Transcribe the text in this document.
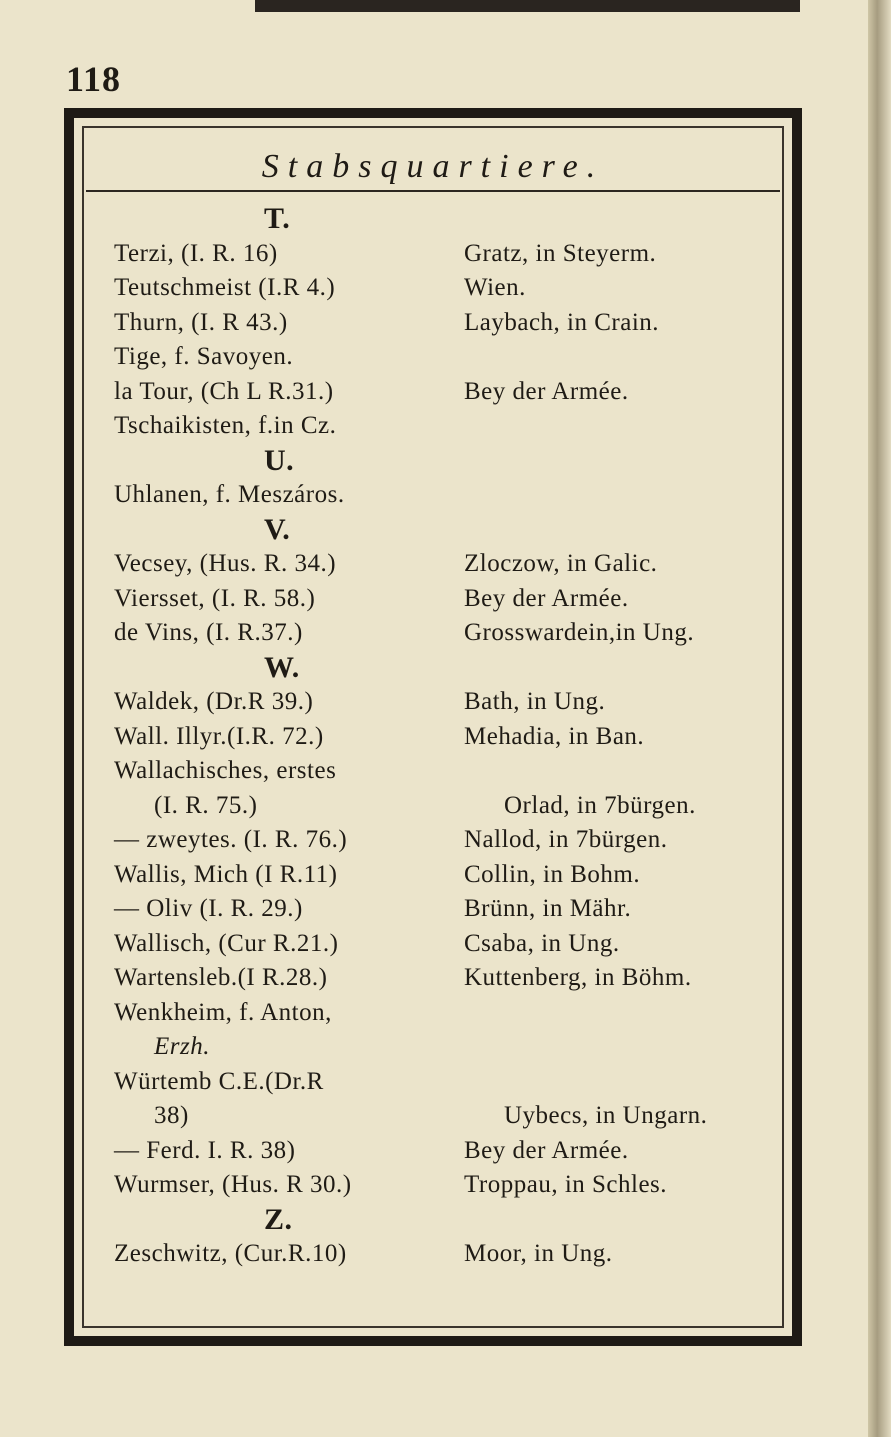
118
Stabsquartiere.
T.
Terzi, (I. R. 16)	Gratz, in Steyerm.
Teutschmeist (I.R 4.)	Wien.
Thurn, (I. R 43.)	Laybach, in Crain.
Tige, f. Savoyen.
la Tour, (Ch L R.31.)	Bey der Armée.
Tschaikisten, f.in Cz.
U.
Uhlanen, f. Meszáros.
V.
Vecsey, (Hus. R. 34.)	Zloczow, in Galic.
Viersset, (I. R. 58.)	Bey der Armée.
de Vins, (I. R.37.)	Grosswardein,in Ung.
W.
Waldek, (Dr.R 39.)	Bath, in Ung.
Wall. Illyr.(I.R. 72.)	Mehadia, in Ban.
Wallachisches, erstes
(I. R. 75.)	Orlad, in 7bürgen.
— zweytes. (I. R. 76.)	Nallod, in 7bürgen.
Wallis, Mich (I R.11)	Collin, in Bohm.
— Oliv (I. R. 29.)	Brünn, in Mähr.
Wallisch, (Cur R.21.)	Csaba, in Ung.
Wartensleb.(I R.28.)	Kuttenberg, in Böhm.
Wenkheim, f. Anton,
Erzh.
Würtemb C.E.(Dr.R
38)	Uybecs, in Ungarn.
— Ferd. I. R. 38)	Bey der Armée.
Wurmser, (Hus. R 30.)	Troppau, in Schles.
Z.
Zeschwitz, (Cur.R.10)	Moor, in Ung.
